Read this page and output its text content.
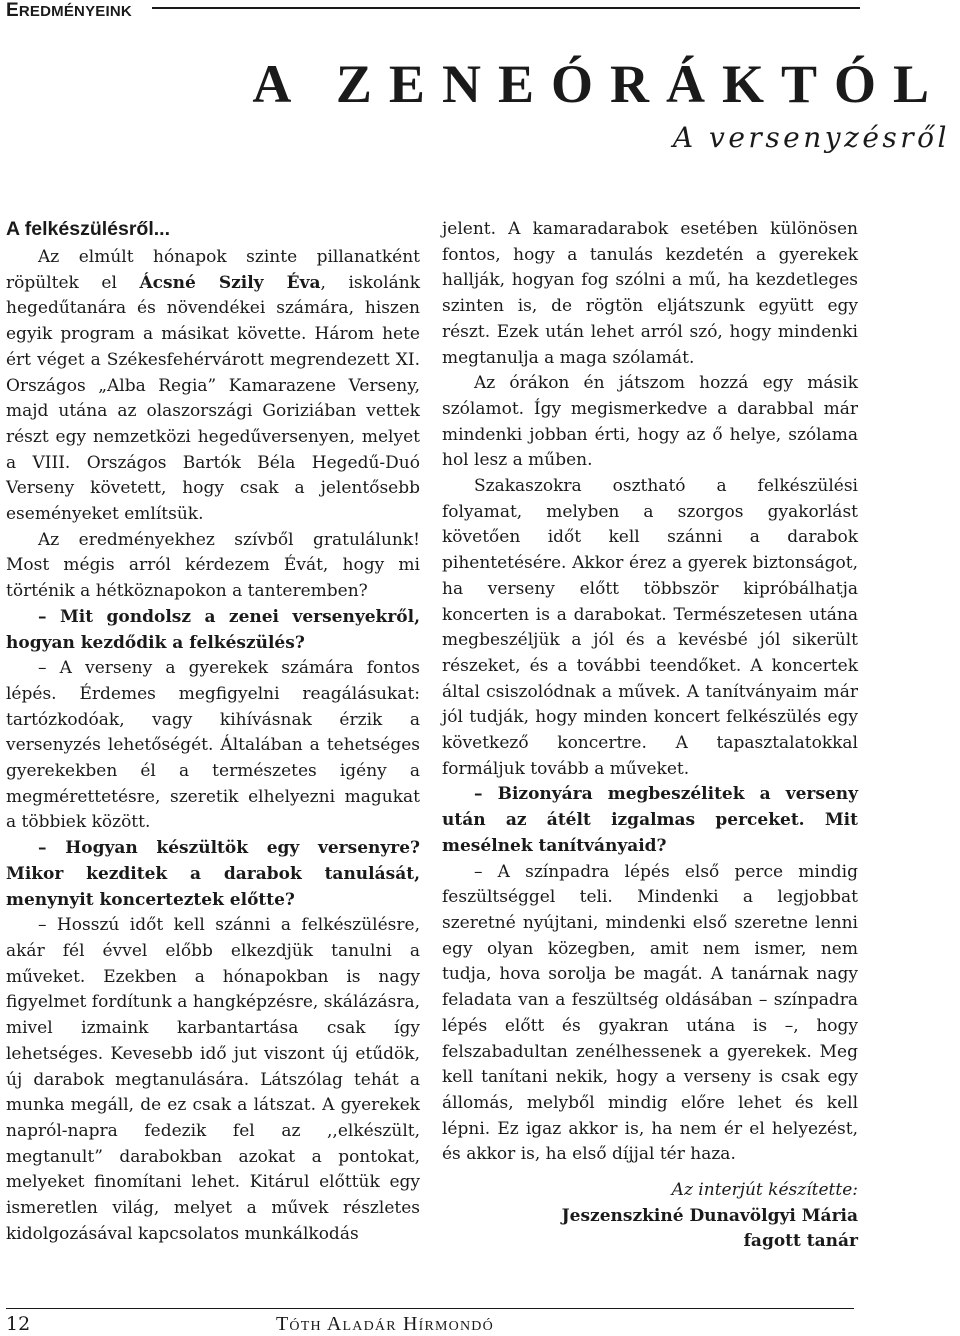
EREDMÉNYEINK
A ZENEÓRÁKTÓL
A versenyzésről
A felkészülésről...

Az elmúlt hónapok szinte pillanatként röpültek el Ácsné Szily Éva, iskolánk hegedűtanára és növendékei számára, hiszen egyik program a másikat követte. Három hete ért véget a Székesfehérvárott megrendezett XI. Országos „Alba Regia” Kamarazene Verseny, majd utána az olaszországi Goriziában vettek részt egy nemzetközi hegedűversenyen, melyet a VIII. Országos Bartók Béla Hegedű-Duó Verseny követett, hogy csak a jelentősebb eseményeket említsük.

Az eredményekhez szívből gratulálunk! Most mégis arról kérdezem Évát, hogy mi történik a hétköznapokon a tanteremben?

– Mit gondolsz a zenei versenyekről, hogyan kezdődik a felkészülés?

– A verseny a gyerekek számára fontos lépés. Érdemes megfigyelni reagálásukat: tartózkodóak, vagy kihívásnak érzik a versenyzés lehetőségét. Általában a tehetséges gyerekekben él a természetes igény a megmérettetésre, szeretik elhelyezni magukat a többiek között.

– Hogyan készültök egy versenyre? Mikor kezditek a darabok tanulását, menynyit koncerteztek előtte?

– Hosszú időt kell szánni a felkészülésre, akár fél évvel előbb elkezdjük tanulni a műveket. Ezekben a hónapokban is nagy figyelmet fordítunk a hangképzésre, skálázásra, mivel izmaink karbantartása csak így lehetséges. Kevesebb idő jut viszont új etűdök, új darabok megtanulására. Látszólag tehát a munka megáll, de ez csak a látszat. A gyerekek napról-napra fedezik fel az ,,elkészült, megtanult” darabokban azokat a pontokat, melyeket finomítani lehet. Kitárul előttük egy ismeretlen világ, melyet a művek részletes kidolgozásával kapcsolatos munkálkodás

jelent. A kamaradarabok esetében különösen fontos, hogy a tanulás kezdetén a gyerekek hallják, hogyan fog szólni a mű, ha kezdetleges szinten is, de rögtön eljátszunk együtt egy részt. Ezek után lehet arról szó, hogy mindenki megtanulja a maga szólamát.

Az órákon én játszom hozzá egy másik szólamot. Így megismerkedve a darabbal már mindenki jobban érti, hogy az ő helye, szólama hol lesz a műben.

Szakaszokra osztható a felkészülési folyamat, melyben a szorgos gyakorlást követően időt kell szánni a darabok pihentetésére. Akkor érez a gyerek biztonságot, ha verseny előtt többször kipróbálhatja koncerten is a darabokat. Természetesen utána megbeszéljük a jól és a kevésbé jól sikerült részeket, és a további teendőket. A koncertek által csiszolódnak a művek. A tanítványaim már jól tudják, hogy minden koncert felkészülés egy következő koncertre. A tapasztalatokkal formáljuk tovább a műveket.

– Bizonyára megbeszélitek a verseny után az átélt izgalmas perceket. Mit mesélnek tanítványaid?

– A színpadra lépés első perce mindig feszültséggel teli. Mindenki a legjobbat szeretné nyújtani, mindenki első szeretne lenni egy olyan közegben, amit nem ismer, nem tudja, hova sorolja be magát. A tanárnak nagy feladata van a feszültség oldásában – színpadra lépés előtt és gyakran utána is –, hogy felszabadultan zenélhessenek a gyerekek. Meg kell tanítani nekik, hogy a verseny is csak egy állomás, melyből mindig előre lehet és kell lépni. Ez igaz akkor is, ha nem ér el helyezést, és akkor is, ha első díjjal tér haza.

Az interjút készítette:
Jeszenszkiné Dunavölgyi Mária
fagott tanár
12	Tóth Aladár Hírmondó
